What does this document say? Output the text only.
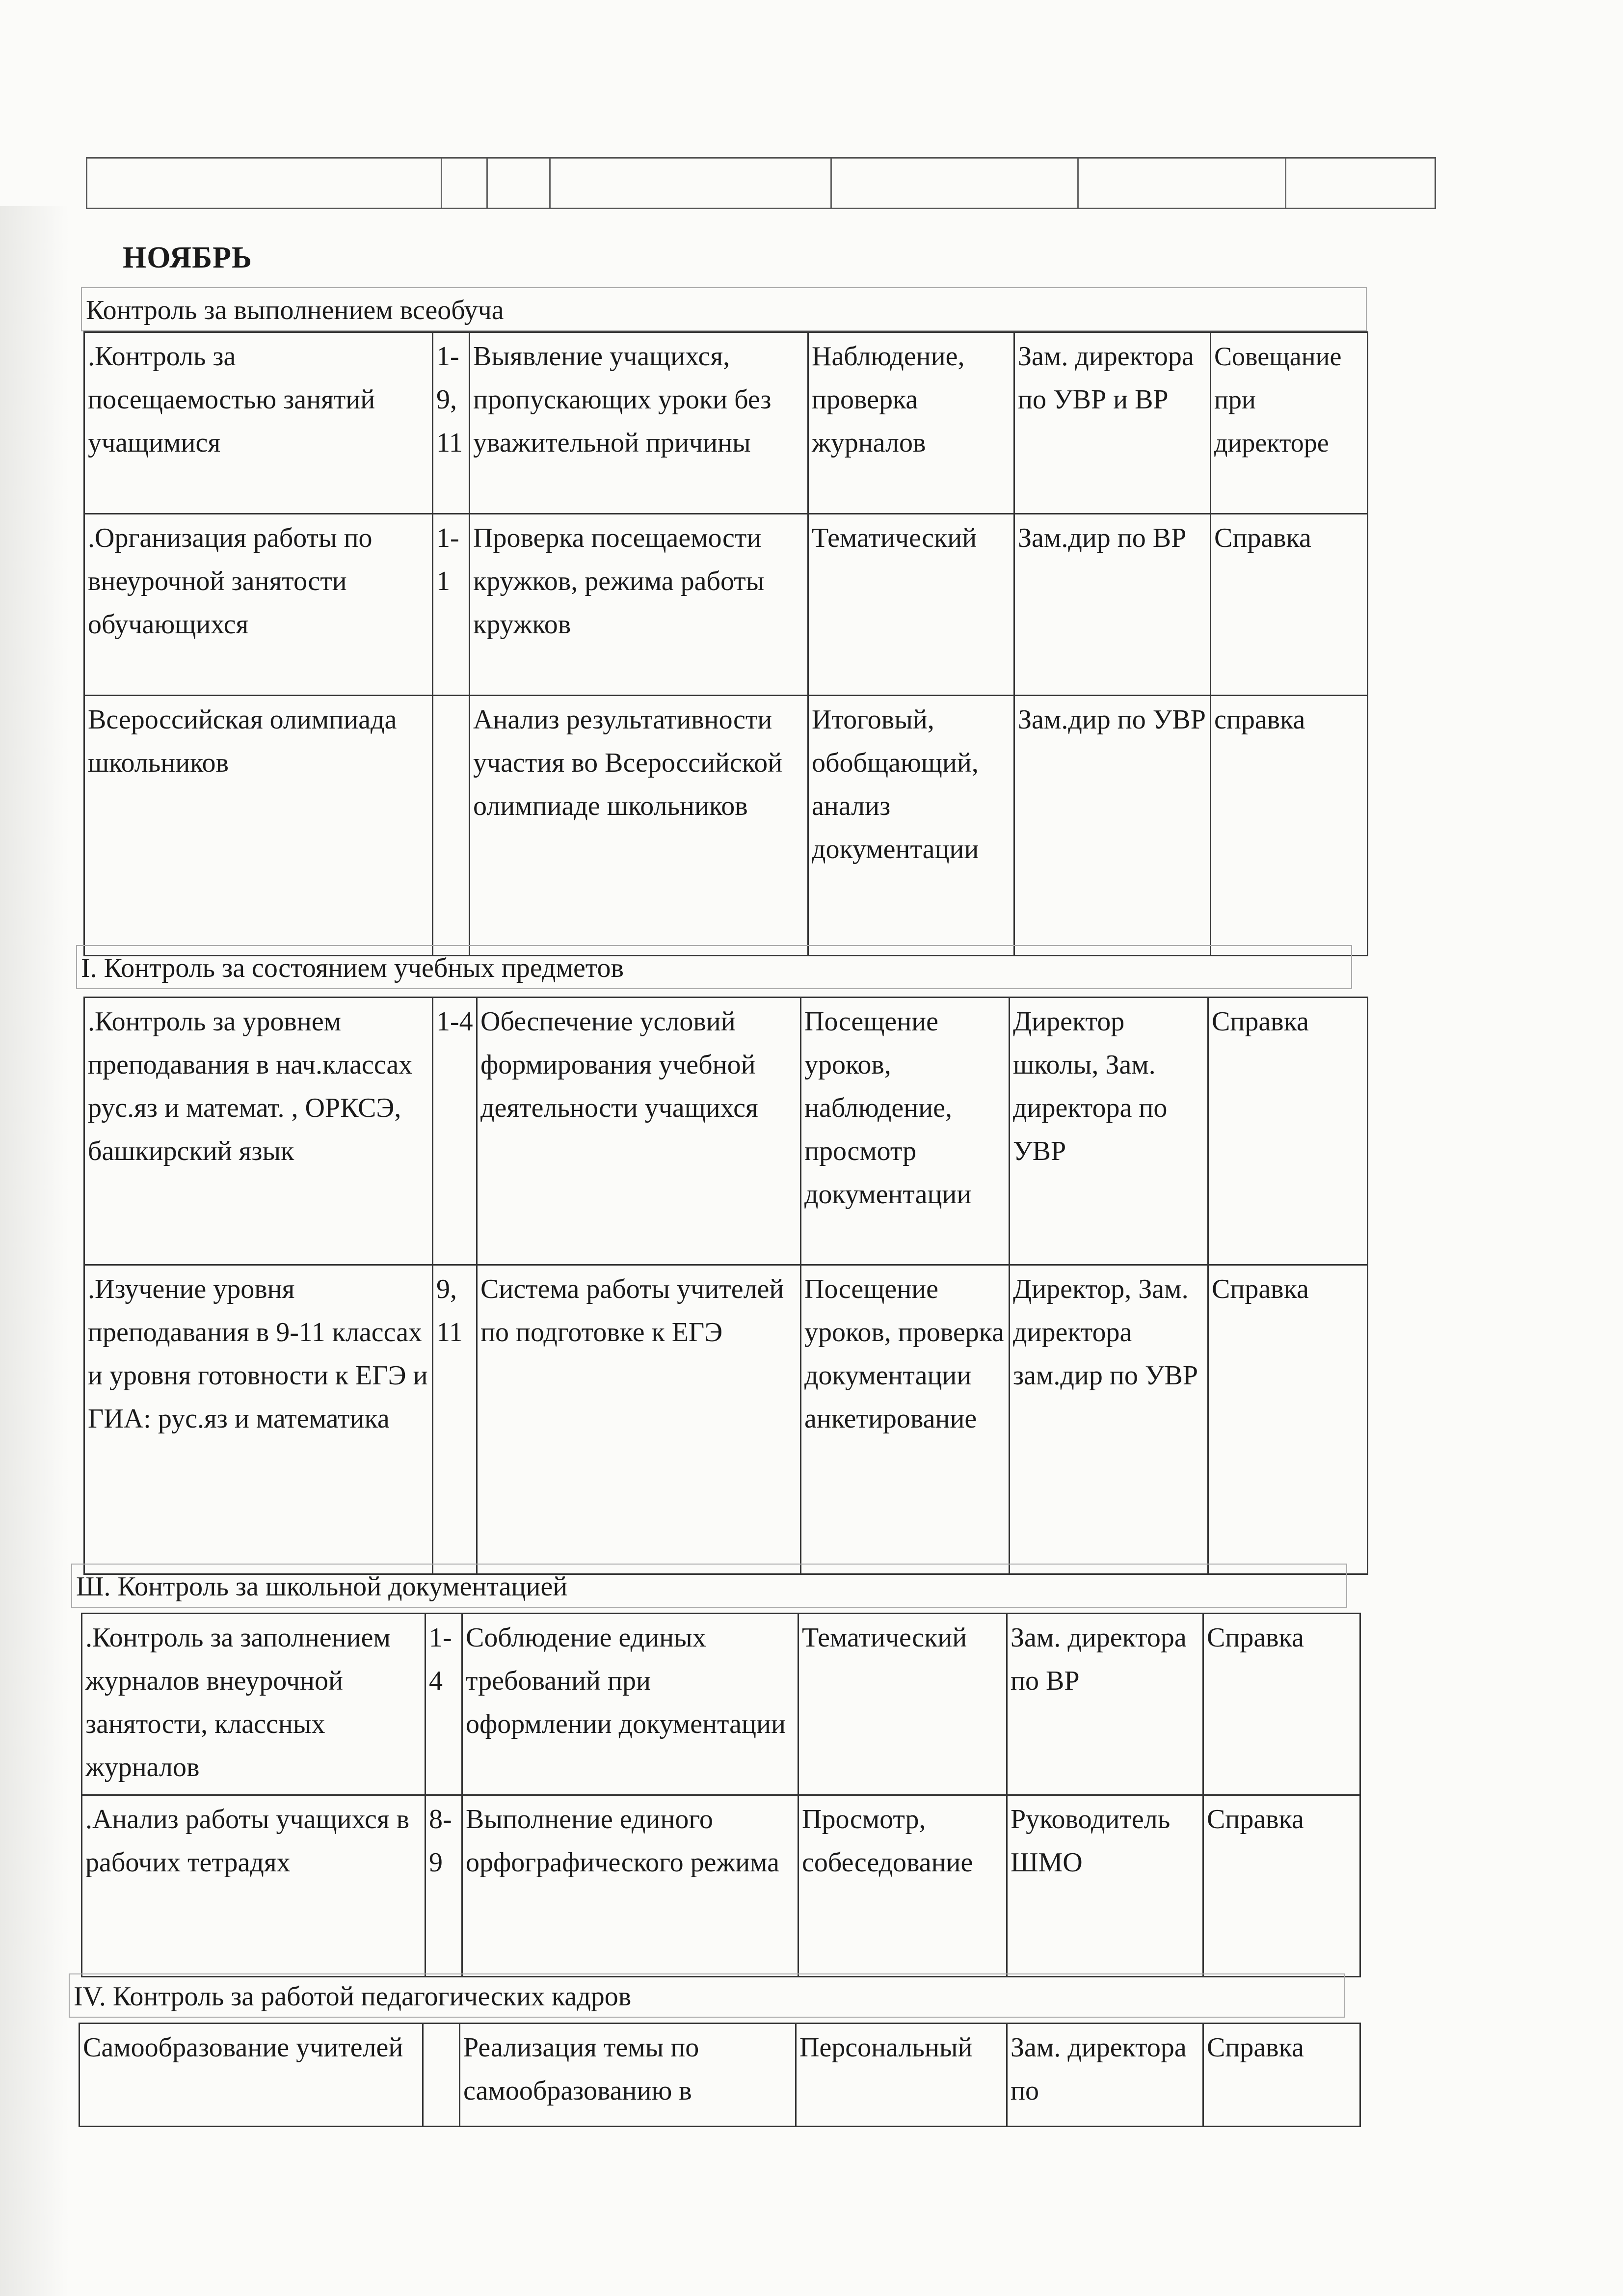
НОЯБРЬ
Контроль за выполнением всеобуча
.Контроль за посещаемостью занятий учащимися	1-9, 11	Выявление учащихся, пропускающих уроки без уважительной причины	Наблюдение, проверка журналов	Зам. директора по УВР и ВР	Совещание при директоре
.Организация работы по внеурочной занятости обучающихся	1-1	Проверка посещаемости кружков, режима работы кружков	Тематический	Зам.дир по ВР	Справка
Всероссийская олимпиада школьников		Анализ результативности участия во Всероссийской олимпиаде школьников	Итоговый, обобщающий, анализ документации	Зам.дир по УВР	справка
I. Контроль за состоянием учебных предметов
.Контроль за уровнем преподавания в нач.классах рус.яз и математ. , ОРКСЭ, башкирский язык	1-4	Обеспечение условий формирования учебной деятельности учащихся	Посещение уроков, наблюдение, просмотр документации	Директор школы, Зам. директора по УВР	Справка
.Изучение уровня преподавания в 9-11 классах и уровня готовности к ЕГЭ и ГИА: рус.яз и математика	9, 11	Система работы учителей по подготовке к ЕГЭ	Посещение уроков, проверка документации анкетирование	Директор, Зам. директора зам.дир по УВР	Справка
Ш. Контроль за школьной документацией
.Контроль за заполнением журналов внеурочной занятости, классных журналов	1-4	Соблюдение единых требований при оформлении документации	Тематический	Зам. директора по ВР	Справка
.Анализ работы учащихся в рабочих тетрадях	8-9	Выполнение единого орфографического режима	Просмотр, собеседование	Руководитель ШМО	Справка
IV. Контроль за работой педагогических кадров
Самообразование учителей		Реализация темы по самообразованию в	Персональный	Зам. директора по	Справка
